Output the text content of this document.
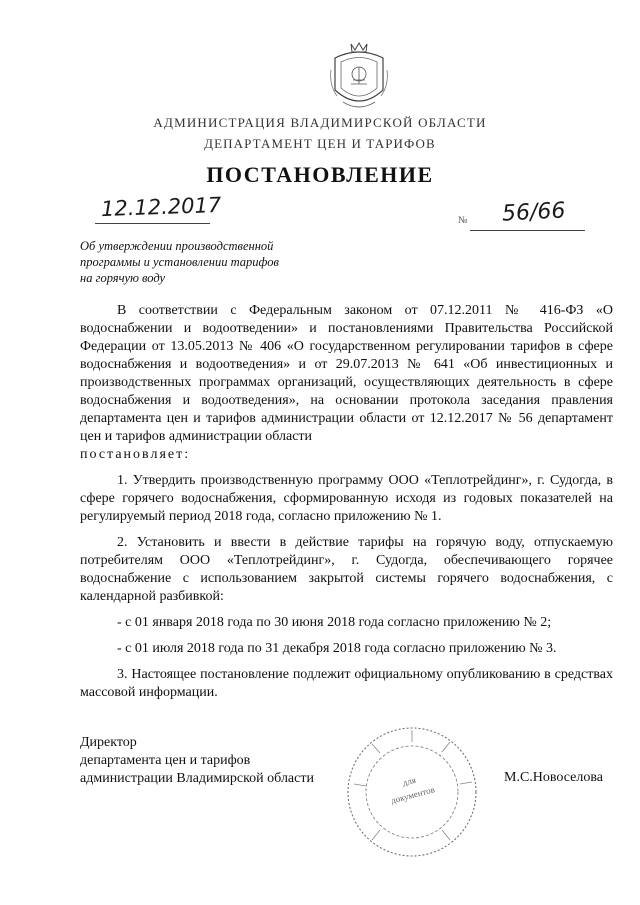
АДМИНИСТРАЦИЯ ВЛАДИМИРСКОЙ ОБЛАСТИ
ДЕПАРТАМЕНТ ЦЕН И ТАРИФОВ
ПОСТАНОВЛЕНИЕ
12.12.2017	№ 56/66
Об утверждении производственной
программы и установлении тарифов
на горячую воду

В соответствии с Федеральным законом от 07.12.2011 № 416-ФЗ «О водоснабжении и водоотведении» и постановлениями Правительства Российской Федерации от 13.05.2013 № 406 «О государственном регулировании тарифов в сфере водоснабжения и водоотведения» и от 29.07.2013 № 641 «Об инвестиционных и производственных программах организаций, осуществляющих деятельность в сфере водоснабжения и водоотведения», на основании протокола заседания правления департамента цен и тарифов администрации области от 12.12.2017 № 56 департамент цен и тарифов администрации области

постановляет:

1. Утвердить производственную программу ООО «Теплотрейдинг», г. Судогда, в сфере горячего водоснабжения, сформированную исходя из годовых показателей на регулируемый период 2018 года, согласно приложению № 1.

2. Установить и ввести в действие тарифы на горячую воду, отпускаемую потребителям ООО «Теплотрейдинг», г. Судогда, обеспечивающего горячее водоснабжение с использованием закрытой системы горячего водоснабжения, с календарной разбивкой:

- с 01 января 2018 года по 30 июня 2018 года согласно приложению № 2;

- с 01 июля 2018 года по 31 декабря 2018 года согласно приложению № 3.

3. Настоящее постановление подлежит официальному опубликованию в средствах массовой информации.

Директор
департамента цен и тарифов
администрации Владимирской области	М.С.Новоселова
для
документов
